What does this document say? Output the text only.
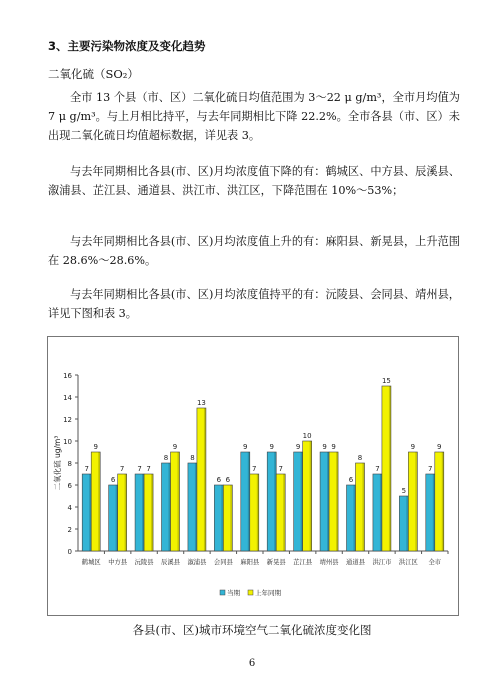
3、主要污染物浓度及变化趋势
二氧化硫（SO₂）
全市 13 个县（市、区）二氧化硫日均值范围为 3～22 μ g/m³，全市月均值为 7 μ g/m³。与上月相比持平，与去年同期相比下降 22.2%。全市各县（市、区）未出现二氧化硫日均值超标数据，详见表 3。
与去年同期相比各县(市、区)月均浓度值下降的有：鹤城区、中方县、辰溪县、溆浦县、芷江县、通道县、洪江市、洪江区，下降范围在 10%～53%；
与去年同期相比各县(市、区)月均浓度值上升的有：麻阳县、新晃县，上升范围在 28.6%～28.6%。
与去年同期相比各县(市、区)月均浓度值持平的有：沅陵县、会同县、靖州县，详见下图和表 3。
0
2
4
6
8
10
12
14
16
二氧化硫 ug/m³	7
9
鹤城区
6
7
中方县
7 7
沅陵县
8
9
辰溪县
8
13
溆浦县
6 6
会同县
9
7
麻阳县
9
7
新晃县
9
10
芷江县
9 9
靖州县
6
8
通道县
7
15
洪江市
5
9
洪江区
7
9
全市
当期 上年同期
各县(市、区)城市环境空气二氧化硫浓度变化图
6
